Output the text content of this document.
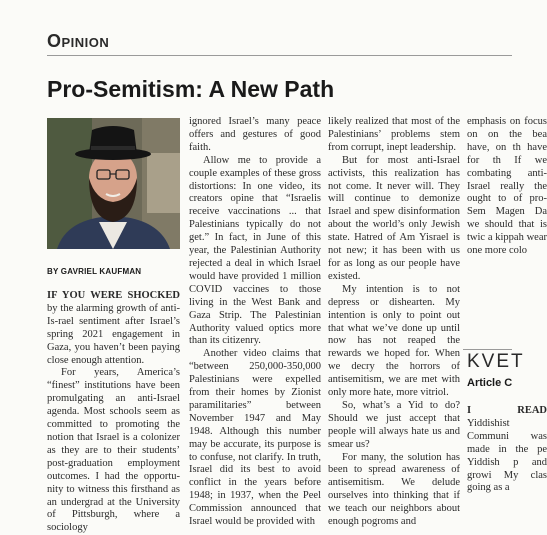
Opinion
Pro-Semitism: A New Path
BY GAVRIEL KAUFMAN

IF YOU WERE SHOCKED by the alarming growth of anti-Is-rael sentiment after Israel’s spring 2021 engagement in Gaza, you haven’t been paying close enough attention.

For years, America’s “finest” institutions have been promulgating an anti-Israel agenda. Most schools seem as committed to promoting the notion that Israel is a colonizer as they are to their students’ post-graduation employment outcomes. I had the opportu-nity to witness this firsthand as an undergrad at the University of Pittsburgh, where a sociology

ignored Israel’s many peace offers and gestures of good faith.

Allow me to provide a couple examples of these gross distortions: In one video, its creators opine that “Israelis receive vaccinations ... that Palestinians typically do not get.” In fact, in June of this year, the Palestinian Authority rejected a deal in which Israel would have provided 1 million COVID vaccines to those living in the West Bank and Gaza Strip. The Palestinian Authority valued optics more than its citizenry.

Another video claims that “between 250,000-350,000 Palestinians were expelled from their homes by Zionist paramilitaries” between November 1947 and May 1948. Although this number may be accurate, its purpose is to confuse, not clarify. In truth, Israel did its best to avoid conflict in the years before 1948; in 1937, when the Peel Commission announced that Israel would be provided with

likely realized that most of the Palestinians’ problems stem from corrupt, inept leadership.

But for most anti-Israel activists, this realization has not come. It never will. They will continue to demonize Israel and spew disinformation about the world’s only Jewish state. Hatred of Am Yisrael is not new; it has been with us for as long as our people have existed.

My intention is to not depress or dishearten. My intention is only to point out that what we’ve done up until now has not reaped the rewards we hoped for. When we decry the horrors of antisemitism, we are met with only more hate, more vitriol.

So, what’s a Yid to do? Should we just accept that people will always hate us and smear us?

For many, the solution has been to spread awareness of antisemitism. We delude ourselves into thinking that if we teach our neighbors about enough pogroms and

emphasis on focus on on the bea have, on th have for th If we combating anti-Israel really the ought to of pro-Sem Magen Da we should that is twic a kippah wear one more colo

KVET
Article C

I READ Yiddishist Communi was made in the pe Yiddish p and growi My clas going as a
